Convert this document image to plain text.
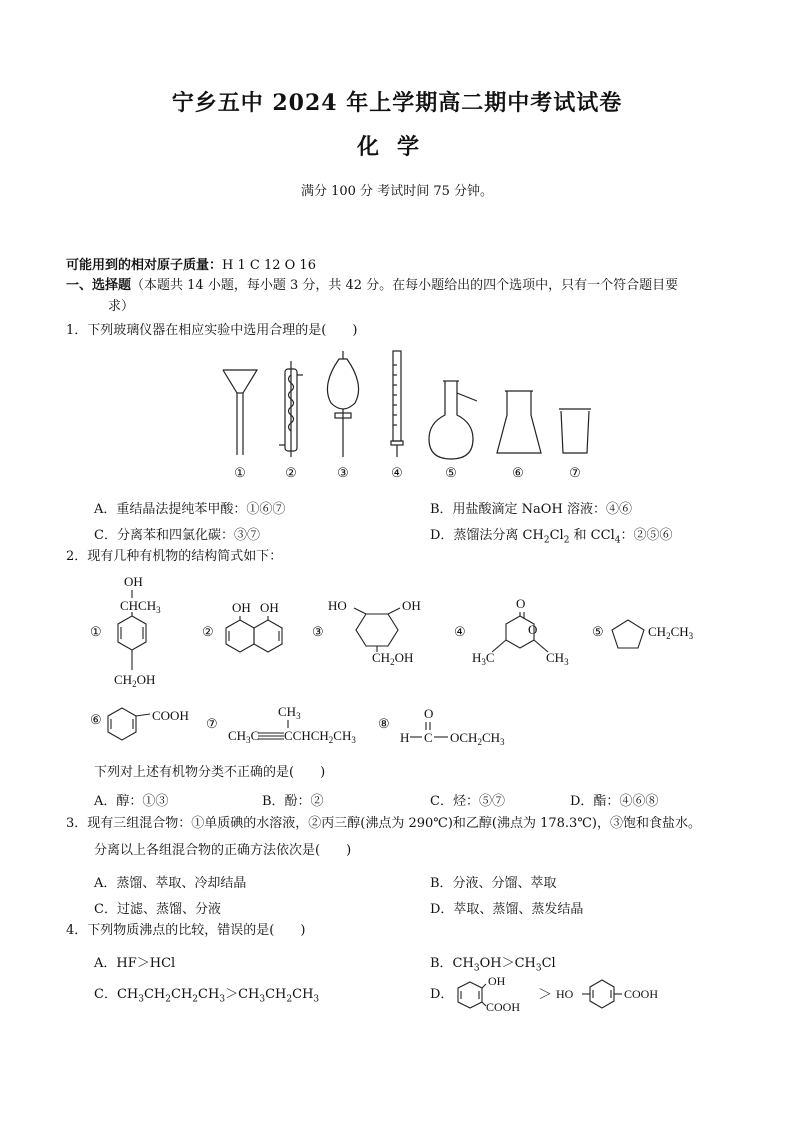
宁乡五中 2024 年上学期高二期中考试试卷
化学
满分 100 分 考试时间 75 分钟。
可能用到的相对原子质量：H 1 C 12 O 16
一、选择题（本题共 14 小题，每小题 3 分，共 42 分。在每小题给出的四个选项中，只有一个符合题目要
求）
1．下列玻璃仪器在相应实验中选用合理的是(　　)
①	②	③	④	⑤	⑥	⑦
A．重结晶法提纯苯甲酸：①⑥⑦	B．用盐酸滴定 NaOH 溶液：④⑥
C．分离苯和四氯化碳：③⑦	D．蒸馏法分离 $CH_2Cl_2$ 和 CCl$_4$：②⑤⑥
2．现有几种有机物的结构简式如下：
①
OH
$CHCH_3$
$CH_2OH$
②
OH OH
③
HO	OH
$CH_2OH$
④
O
O
$H_3C$	$CH_3$
⑤	$CH_2CH_3$
⑥	COOH
⑦
$CH_3$
$CH_3C$ $CCHCH_2CH_3$
⑧
O
H C $OCH_2CH_3$
下列对上述有机物分类不正确的是(　　)
A．醇：①③	B．酚：②	C．烃：⑤⑦	D．酯：④⑥⑧
3．现有三组混合物：①单质碘的水溶液，②丙三醇(沸点为 290℃)和乙醇(沸点为 178.3℃)，③饱和食盐水。
分离以上各组混合物的正确方法依次是(　　)
A．蒸馏、萃取、冷却结晶	B．分液、分馏、萃取
C．过滤、蒸馏、分液	D．萃取、蒸馏、蒸发结晶
4．下列物质沸点的比较，错误的是(　　)
A．HF＞HCl	B．$CH_3OH>CH_3Cl$
C．$CH_3CH_2CH_2CH_3>CH_3CH_2CH_3$	D．
OH
COOH
＞ HO	COOH
